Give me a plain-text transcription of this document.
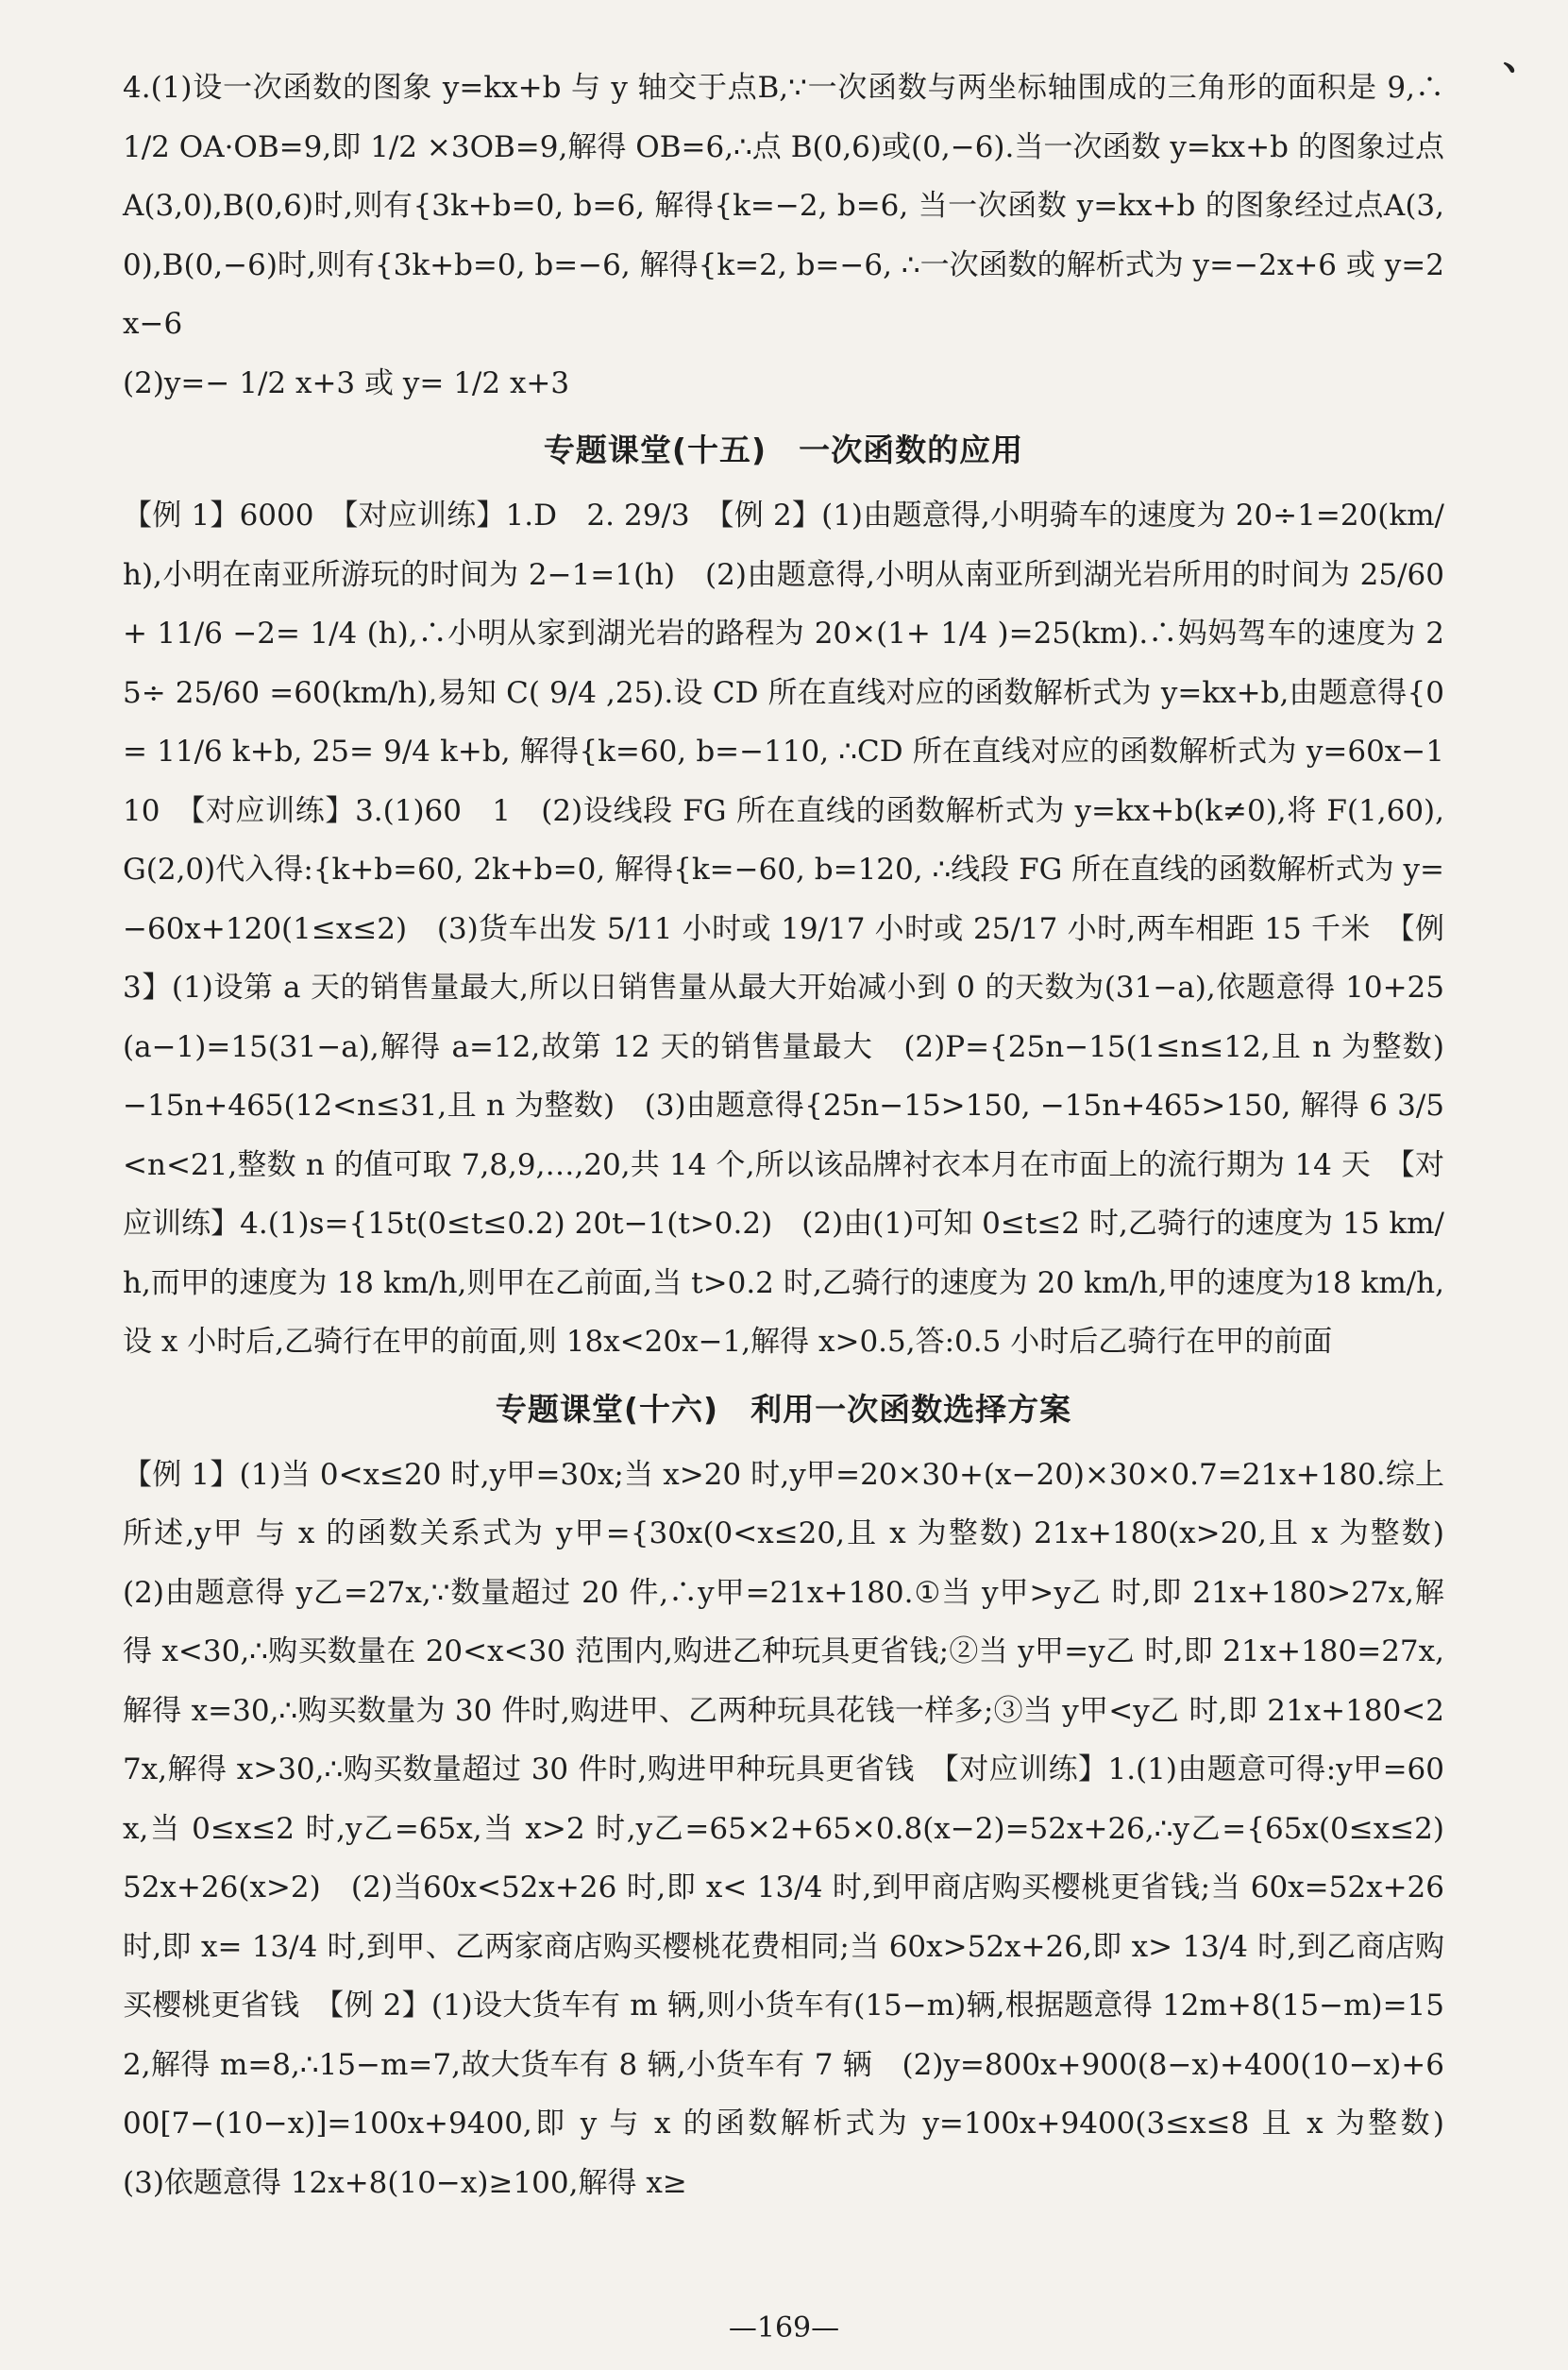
、

4.(1)设一次函数的图象 y=kx+b 与 y 轴交于点B,∵一次函数与两坐标轴围成的三角形的面积是 9,∴ 1/2 OA·OB=9,即 1/2 ×3OB=9,解得 OB=6,∴点 B(0,6)或(0,−6).当一次函数 y=kx+b 的图象过点 A(3,0),B(0,6)时,则有{3k+b=0, b=6, 解得{k=−2, b=6, 当一次函数 y=kx+b 的图象经过点A(3,0),B(0,−6)时,则有{3k+b=0, b=−6, 解得{k=2, b=−6, ∴一次函数的解析式为 y=−2x+6 或 y=2x−6

(2)y=− 1/2 x+3 或 y= 1/2 x+3

专题课堂(十五)　一次函数的应用

【例 1】6000　【对应训练】1.D　2. 29/3　【例 2】(1)由题意得,小明骑车的速度为 20÷1=20(km/h),小明在南亚所游玩的时间为 2−1=1(h)　(2)由题意得,小明从南亚所到湖光岩所用的时间为 25/60 + 11/6 −2= 1/4 (h),∴小明从家到湖光岩的路程为 20×(1+ 1/4 )=25(km).∴妈妈驾车的速度为 25÷ 25/60 =60(km/h),易知 C( 9/4 ,25).设 CD 所在直线对应的函数解析式为 y=kx+b,由题意得{0= 11/6 k+b, 25= 9/4 k+b, 解得{k=60, b=−110, ∴CD 所在直线对应的函数解析式为 y=60x−110　【对应训练】3.(1)60　1　(2)设线段 FG 所在直线的函数解析式为 y=kx+b(k≠0),将 F(1,60),G(2,0)代入得:{k+b=60, 2k+b=0, 解得{k=−60, b=120, ∴线段 FG 所在直线的函数解析式为 y=−60x+120(1≤x≤2)　(3)货车出发 5/11 小时或 19/17 小时或 25/17 小时,两车相距 15 千米　【例 3】(1)设第 a 天的销售量最大,所以日销售量从最大开始减小到 0 的天数为(31−a),依题意得 10+25(a−1)=15(31−a),解得 a=12,故第 12 天的销售量最大　(2)P={25n−15(1≤n≤12,且 n 为整数) −15n+465(12<n≤31,且 n 为整数)　(3)由题意得{25n−15>150, −15n+465>150, 解得 6 3/5 <n<21,整数 n 的值可取 7,8,9,…,20,共 14 个,所以该品牌衬衣本月在市面上的流行期为 14 天　【对应训练】4.(1)s={15t(0≤t≤0.2) 20t−1(t>0.2)　(2)由(1)可知 0≤t≤2 时,乙骑行的速度为 15 km/h,而甲的速度为 18 km/h,则甲在乙前面,当 t>0.2 时,乙骑行的速度为 20 km/h,甲的速度为18 km/h,设 x 小时后,乙骑行在甲的前面,则 18x<20x−1,解得 x>0.5,答:0.5 小时后乙骑行在甲的前面

专题课堂(十六)　利用一次函数选择方案

【例 1】(1)当 0<x≤20 时,y甲=30x;当 x>20 时,y甲=20×30+(x−20)×30×0.7=21x+180.综上所述,y甲 与 x 的函数关系式为 y甲={30x(0<x≤20,且 x 为整数) 21x+180(x>20,且 x 为整数)　(2)由题意得 y乙=27x,∵数量超过 20 件,∴y甲=21x+180.①当 y甲>y乙 时,即 21x+180>27x,解得 x<30,∴购买数量在 20<x<30 范围内,购进乙种玩具更省钱;②当 y甲=y乙 时,即 21x+180=27x,解得 x=30,∴购买数量为 30 件时,购进甲、乙两种玩具花钱一样多;③当 y甲<y乙 时,即 21x+180<27x,解得 x>30,∴购买数量超过 30 件时,购进甲种玩具更省钱　【对应训练】1.(1)由题意可得:y甲=60x,当 0≤x≤2 时,y乙=65x,当 x>2 时,y乙=65×2+65×0.8(x−2)=52x+26,∴y乙={65x(0≤x≤2) 52x+26(x>2)　(2)当60x<52x+26 时,即 x< 13/4 时,到甲商店购买樱桃更省钱;当 60x=52x+26 时,即 x= 13/4 时,到甲、乙两家商店购买樱桃花费相同;当 60x>52x+26,即 x> 13/4 时,到乙商店购买樱桃更省钱　【例 2】(1)设大货车有 m 辆,则小货车有(15−m)辆,根据题意得 12m+8(15−m)=152,解得 m=8,∴15−m=7,故大货车有 8 辆,小货车有 7 辆　(2)y=800x+900(8−x)+400(10−x)+600[7−(10−x)]=100x+9400,即 y 与 x 的函数解析式为 y=100x+9400(3≤x≤8 且 x 为整数)　(3)依题意得 12x+8(10−x)≥100,解得 x≥

—169—
